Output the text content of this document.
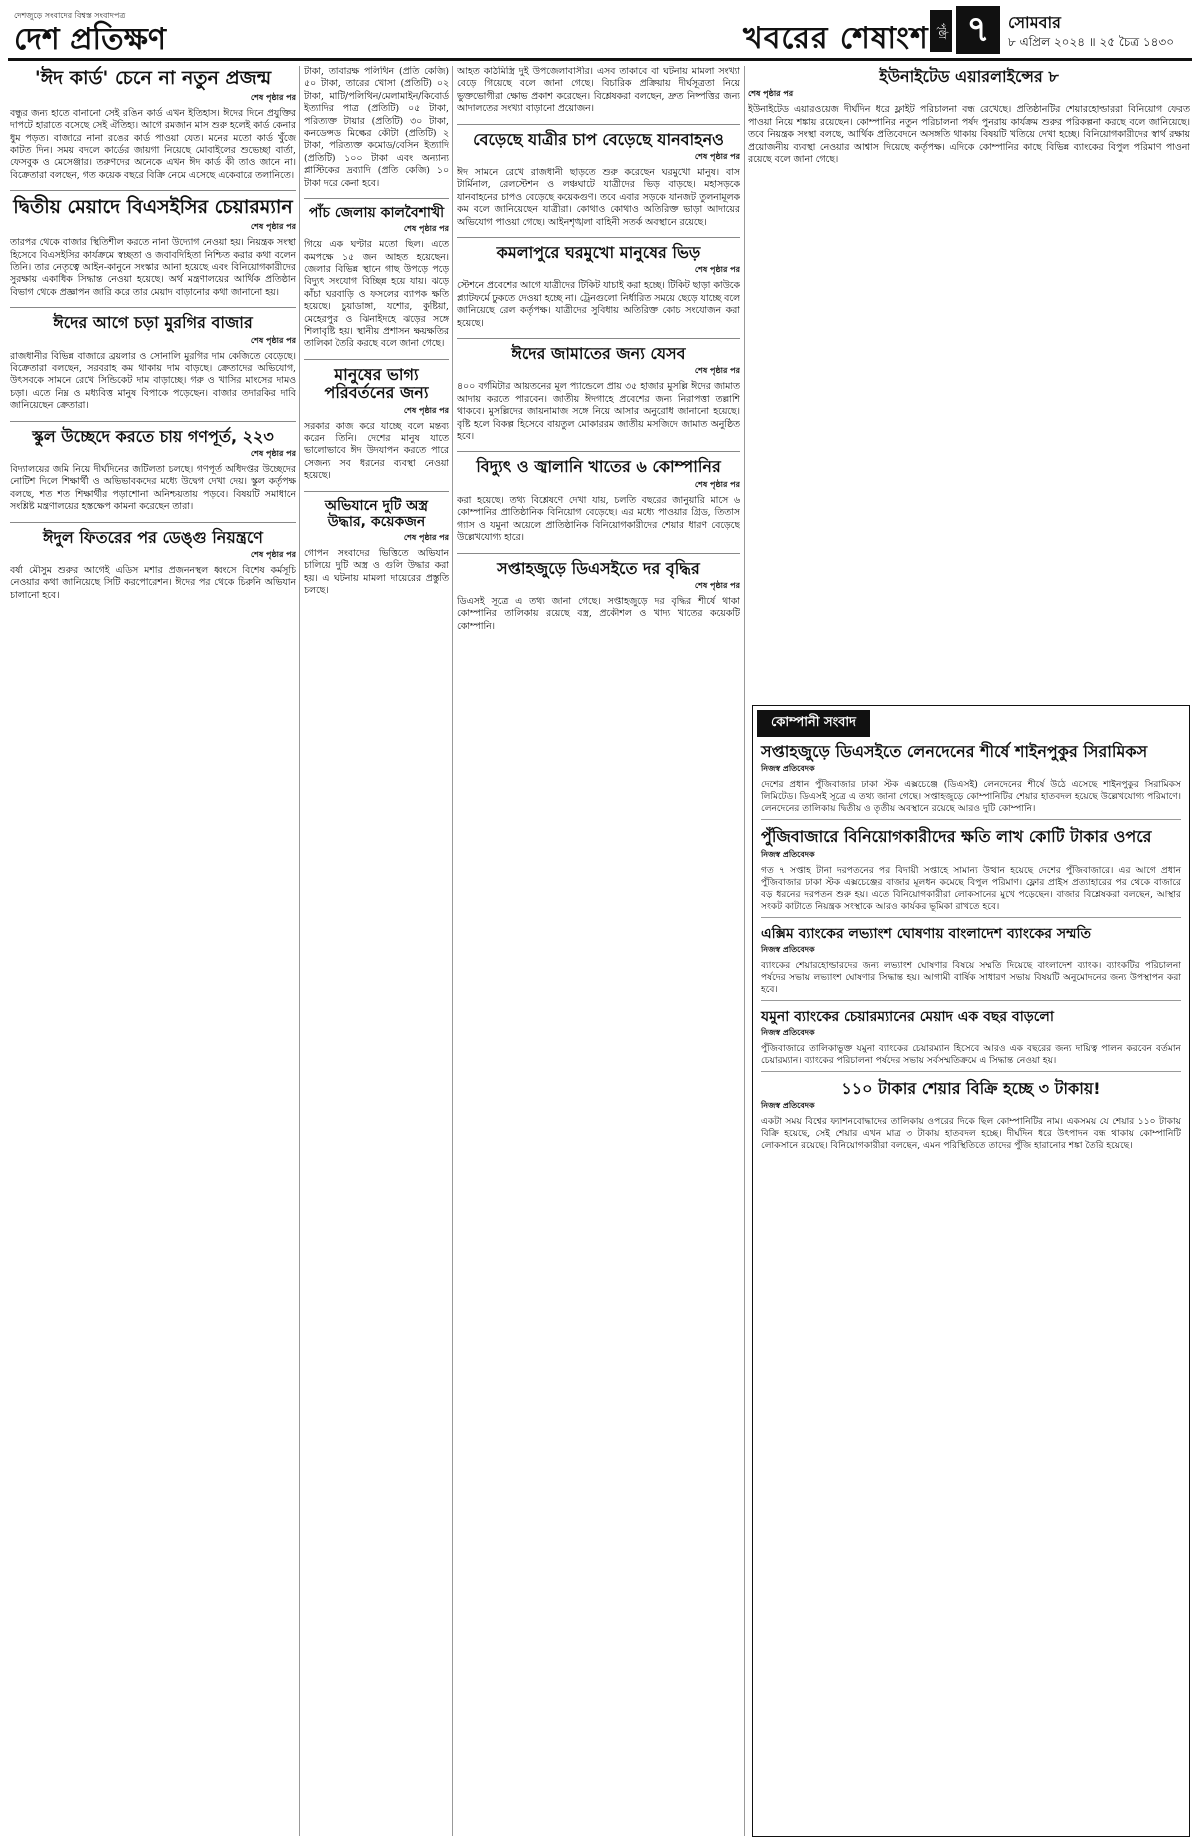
দেশজুড়ে সংবাদের বিশ্বস্ত সংবাদপত্র
দেশ প্রতিক্ষণ	খবরের শেষাংশ পৃষ্ঠা ৭	সোমবার
৮ এপ্রিল ২০২৪ ॥ ২৫ চৈত্র ১৪৩০
'ঈদ কার্ড' চেনে না নতুন প্রজন্ম

শেষ পৃষ্ঠার পর

বন্ধুর জন্য হাতে বানানো সেই রঙিন কার্ড এখন ইতিহাস। ঈদের দিনে প্রযুক্তির দাপটে হারাতে বসেছে সেই ঐতিহ্য। আগে রমজান মাস শুরু হলেই কার্ড কেনার ধুম পড়ত। বাজারে নানা রঙের কার্ড পাওয়া যেত। মনের মতো কার্ড খুঁজে কাটত দিন। সময় বদলে কার্ডের জায়গা নিয়েছে মোবাইলের শুভেচ্ছা বার্তা, ফেসবুক ও মেসেঞ্জার। তরুণদের অনেকে এখন ঈদ কার্ড কী তাও জানে না। বিক্রেতারা বলছেন, গত কয়েক বছরে বিক্রি নেমে এসেছে একেবারে তলানিতে।

দ্বিতীয় মেয়াদে বিএসইসির চেয়ারম্যান

শেষ পৃষ্ঠার পর

তারপর থেকে বাজার স্থিতিশীল করতে নানা উদ্যোগ নেওয়া হয়। নিয়ন্ত্রক সংস্থা হিসেবে বিএসইসির কার্যক্রমে স্বচ্ছতা ও জবাবদিহিতা নিশ্চিত করার কথা বলেন তিনি। তার নেতৃত্বে আইন-কানুনে সংস্কার আনা হয়েছে এবং বিনিয়োগকারীদের সুরক্ষায় একাধিক সিদ্ধান্ত নেওয়া হয়েছে। অর্থ মন্ত্রণালয়ের আর্থিক প্রতিষ্ঠান বিভাগ থেকে প্রজ্ঞাপন জারি করে তার মেয়াদ বাড়ানোর কথা জানানো হয়।

ঈদের আগে চড়া মুরগির বাজার

শেষ পৃষ্ঠার পর

রাজধানীর বিভিন্ন বাজারে ব্রয়লার ও সোনালি মুরগির দাম কেজিতে বেড়েছে। বিক্রেতারা বলছেন, সরবরাহ কম থাকায় দাম বাড়ছে। ক্রেতাদের অভিযোগ, উৎসবকে সামনে রেখে সিন্ডিকেট দাম বাড়াচ্ছে। গরু ও খাসির মাংসের দামও চড়া। এতে নিম্ন ও মধ্যবিত্ত মানুষ বিপাকে পড়েছেন। বাজার তদারকির দাবি জানিয়েছেন ক্রেতারা।

স্কুল উচ্ছেদে করতে চায় গণপূর্ত, ২২৩

শেষ পৃষ্ঠার পর

বিদ্যালয়ের জমি নিয়ে দীর্ঘদিনের জটিলতা চলছে। গণপূর্ত অধিদপ্তর উচ্ছেদের নোটিশ দিলে শিক্ষার্থী ও অভিভাবকদের মধ্যে উদ্বেগ দেখা দেয়। স্কুল কর্তৃপক্ষ বলছে, শত শত শিক্ষার্থীর পড়াশোনা অনিশ্চয়তায় পড়বে। বিষয়টি সমাধানে সংশ্লিষ্ট মন্ত্রণালয়ের হস্তক্ষেপ কামনা করেছেন তারা।

ঈদুল ফিতরের পর ডেঙ্গু নিয়ন্ত্রণে

শেষ পৃষ্ঠার পর

বর্ষা মৌসুম শুরুর আগেই এডিস মশার প্রজননস্থল ধ্বংসে বিশেষ কর্মসূচি নেওয়ার কথা জানিয়েছে সিটি করপোরেশন। ঈদের পর থেকে চিরুনি অভিযান চালানো হবে।

টাকা, তাবারক্ষ পলিথিন (প্রতি কেজি) ৫০ টাকা, তারের খোসা (প্রতিটি) ০২ টাকা, মাটি/পলিথিন/মেলামাইন/কিবোর্ড ইত্যাদির পাত্র (প্রতিটি) ০৫ টাকা, পরিত্যক্ত টায়ার (প্রতিটি) ৩০ টাকা, কনডেন্সড মিল্কের কৌটা (প্রতিটি) ২ টাকা, পরিত্যক্ত কমোড/বেসিন ইত্যাদি (প্রতিটি) ১০০ টাকা এবং অন্যান্য প্লাস্টিকের দ্রব্যাদি (প্রতি কেজি) ১০ টাকা দরে কেনা হবে।

পাঁচ জেলায় কালবৈশাখী

শেষ পৃষ্ঠার পর

গিয়ে এক ঘণ্টার মতো ছিল। এতে কমপক্ষে ১৫ জন আহত হয়েছেন। জেলার বিভিন্ন স্থানে গাছ উপড়ে পড়ে বিদ্যুৎ সংযোগ বিচ্ছিন্ন হয়ে যায়। ঝড়ে কাঁচা ঘরবাড়ি ও ফসলের ব্যাপক ক্ষতি হয়েছে। চুয়াডাঙ্গা, যশোর, কুষ্টিয়া, মেহেরপুর ও ঝিনাইদহে ঝড়ের সঙ্গে শিলাবৃষ্টি হয়। স্থানীয় প্রশাসন ক্ষয়ক্ষতির তালিকা তৈরি করছে বলে জানা গেছে।

মানুষের ভাগ্য পরিবর্তনের জন্য

শেষ পৃষ্ঠার পর

সরকার কাজ করে যাচ্ছে বলে মন্তব্য করেন তিনি। দেশের মানুষ যাতে ভালোভাবে ঈদ উদযাপন করতে পারে সেজন্য সব ধরনের ব্যবস্থা নেওয়া হয়েছে।

অভিযানে দুটি অস্ত্র উদ্ধার, কয়েকজন

শেষ পৃষ্ঠার পর

গোপন সংবাদের ভিত্তিতে অভিযান চালিয়ে দুটি অস্ত্র ও গুলি উদ্ধার করা হয়। এ ঘটনায় মামলা দায়েরের প্রস্তুতি চলছে।

আহত কাঠমিস্ত্রি দুই উপজেলাবাসীর। এসব তাকাবে বা ঘটনায় মামলা সংখ্যা বেড়ে গিয়েছে বলে জানা গেছে। বিচারিক প্রক্রিয়ায় দীর্ঘসূত্রতা নিয়ে ভুক্তভোগীরা ক্ষোভ প্রকাশ করেছেন। বিশ্লেষকরা বলছেন, দ্রুত নিষ্পত্তির জন্য আদালতের সংখ্যা বাড়ানো প্রয়োজন।

বেড়েছে যাত্রীর চাপ বেড়েছে যানবাহনও

শেষ পৃষ্ঠার পর

ঈদ সামনে রেখে রাজধানী ছাড়তে শুরু করেছেন ঘরমুখো মানুষ। বাস টার্মিনাল, রেলস্টেশন ও লঞ্চঘাটে যাত্রীদের ভিড় বাড়ছে। মহাসড়কে যানবাহনের চাপও বেড়েছে কয়েকগুণ। তবে এবার সড়কে যানজট তুলনামূলক কম বলে জানিয়েছেন যাত্রীরা। কোথাও কোথাও অতিরিক্ত ভাড়া আদায়ের অভিযোগ পাওয়া গেছে। আইনশৃঙ্খলা বাহিনী সতর্ক অবস্থানে রয়েছে।

কমলাপুরে ঘরমুখো মানুষের ভিড়

শেষ পৃষ্ঠার পর

স্টেশনে প্রবেশের আগে যাত্রীদের টিকিট যাচাই করা হচ্ছে। টিকিট ছাড়া কাউকে প্ল্যাটফর্মে ঢুকতে দেওয়া হচ্ছে না। ট্রেনগুলো নির্ধারিত সময়ে ছেড়ে যাচ্ছে বলে জানিয়েছে রেল কর্তৃপক্ষ। যাত্রীদের সুবিধায় অতিরিক্ত কোচ সংযোজন করা হয়েছে।

ঈদের জামাতের জন্য যেসব

শেষ পৃষ্ঠার পর

৪০০ বর্গমিটার আয়তনের মূল প্যান্ডেলে প্রায় ৩৫ হাজার মুসল্লি ঈদের জামাত আদায় করতে পারবেন। জাতীয় ঈদগাহে প্রবেশের জন্য নিরাপত্তা তল্লাশি থাকবে। মুসল্লিদের জায়নামাজ সঙ্গে নিয়ে আসার অনুরোধ জানানো হয়েছে। বৃষ্টি হলে বিকল্প হিসেবে বায়তুল মোকাররম জাতীয় মসজিদে জামাত অনুষ্ঠিত হবে।

বিদ্যুৎ ও জ্বালানি খাতের ৬ কোম্পানির

শেষ পৃষ্ঠার পর

করা হয়েছে। তথ্য বিশ্লেষণে দেখা যায়, চলতি বছরের জানুয়ারি মাসে ৬ কোম্পানির প্রাতিষ্ঠানিক বিনিয়োগ বেড়েছে। এর মধ্যে পাওয়ার গ্রিড, তিতাস গ্যাস ও যমুনা অয়েলে প্রাতিষ্ঠানিক বিনিয়োগকারীদের শেয়ার ধারণ বেড়েছে উল্লেখযোগ্য হারে।

সপ্তাহজুড়ে ডিএসইতে দর বৃদ্ধির

শেষ পৃষ্ঠার পর

ডিএসই সূত্রে এ তথ্য জানা গেছে। সপ্তাহজুড়ে দর বৃদ্ধির শীর্ষে থাকা কোম্পানির তালিকায় রয়েছে বস্ত্র, প্রকৌশল ও খাদ্য খাতের কয়েকটি কোম্পানি।

ইউনাইটেড এয়ারলাইন্সের ৮

শেষ পৃষ্ঠার পর

ইউনাইটেড এয়ারওয়েজ দীর্ঘদিন ধরে ফ্লাইট পরিচালনা বন্ধ রেখেছে। প্রতিষ্ঠানটির শেয়ারহোল্ডাররা বিনিয়োগ ফেরত পাওয়া নিয়ে শঙ্কায় রয়েছেন। কোম্পানির নতুন পরিচালনা পর্ষদ পুনরায় কার্যক্রম শুরুর পরিকল্পনা করছে বলে জানিয়েছে। তবে নিয়ন্ত্রক সংস্থা বলছে, আর্থিক প্রতিবেদনে অসঙ্গতি থাকায় বিষয়টি খতিয়ে দেখা হচ্ছে। বিনিয়োগকারীদের স্বার্থ রক্ষায় প্রয়োজনীয় ব্যবস্থা নেওয়ার আশ্বাস দিয়েছে কর্তৃপক্ষ। এদিকে কোম্পানির কাছে বিভিন্ন ব্যাংকের বিপুল পরিমাণ পাওনা রয়েছে বলে জানা গেছে।

কোম্পানী সংবাদ
সপ্তাহজুড়ে ডিএসইতে লেনদেনের শীর্ষে শাইনপুকুর সিরামিকস

নিজস্ব প্রতিবেদক

দেশের প্রধান পুঁজিবাজার ঢাকা স্টক এক্সচেঞ্জে (ডিএসই) লেনদেনের শীর্ষে উঠে এসেছে শাইনপুকুর সিরামিকস লিমিটেড। ডিএসই সূত্রে এ তথ্য জানা গেছে। সপ্তাহজুড়ে কোম্পানিটির শেয়ার হাতবদল হয়েছে উল্লেখযোগ্য পরিমাণে। লেনদেনের তালিকায় দ্বিতীয় ও তৃতীয় অবস্থানে রয়েছে আরও দুটি কোম্পানি।

পুঁজিবাজারে বিনিয়োগকারীদের ক্ষতি লাখ কোটি টাকার ওপরে

নিজস্ব প্রতিবেদক

গত ৭ সপ্তাহ টানা দরপতনের পর বিদায়ী সপ্তাহে সামান্য উত্থান হয়েছে দেশের পুঁজিবাজারে। এর আগে প্রধান পুঁজিবাজার ঢাকা স্টক এক্সচেঞ্জের বাজার মূলধন কমেছে বিপুল পরিমাণ। ফ্লোর প্রাইস প্রত্যাহারের পর থেকে বাজারে বড় ধরনের দরপতন শুরু হয়। এতে বিনিয়োগকারীরা লোকসানের মুখে পড়েছেন। বাজার বিশ্লেষকরা বলছেন, আস্থার সংকট কাটাতে নিয়ন্ত্রক সংস্থাকে আরও কার্যকর ভূমিকা রাখতে হবে।

এক্সিম ব্যাংকের লভ্যাংশ ঘোষণায় বাংলাদেশ ব্যাংকের সম্মতি

নিজস্ব প্রতিবেদক

ব্যাংকের শেয়ারহোল্ডারদের জন্য লভ্যাংশ ঘোষণার বিষয়ে সম্মতি দিয়েছে বাংলাদেশ ব্যাংক। ব্যাংকটির পরিচালনা পর্ষদের সভায় লভ্যাংশ ঘোষণার সিদ্ধান্ত হয়। আগামী বার্ষিক সাধারণ সভায় বিষয়টি অনুমোদনের জন্য উপস্থাপন করা হবে।

যমুনা ব্যাংকের চেয়ারম্যানের মেয়াদ এক বছর বাড়লো

নিজস্ব প্রতিবেদক

পুঁজিবাজারে তালিকাভুক্ত যমুনা ব্যাংকের চেয়ারম্যান হিসেবে আরও এক বছরের জন্য দায়িত্ব পালন করবেন বর্তমান চেয়ারম্যান। ব্যাংকের পরিচালনা পর্ষদের সভায় সর্বসম্মতিক্রমে এ সিদ্ধান্ত নেওয়া হয়।

১১০ টাকার শেয়ার বিক্রি হচ্ছে ৩ টাকায়!

নিজস্ব প্রতিবেদক

একটা সময় বিশ্বের ফ্যাশনবোদ্ধাদের তালিকায় ওপরের দিকে ছিল কোম্পানিটির নাম। একসময় যে শেয়ার ১১০ টাকায় বিক্রি হয়েছে, সেই শেয়ার এখন মাত্র ৩ টাকায় হাতবদল হচ্ছে। দীর্ঘদিন ধরে উৎপাদন বন্ধ থাকায় কোম্পানিটি লোকসানে রয়েছে। বিনিয়োগকারীরা বলছেন, এমন পরিস্থিতিতে তাদের পুঁজি হারানোর শঙ্কা তৈরি হয়েছে।
